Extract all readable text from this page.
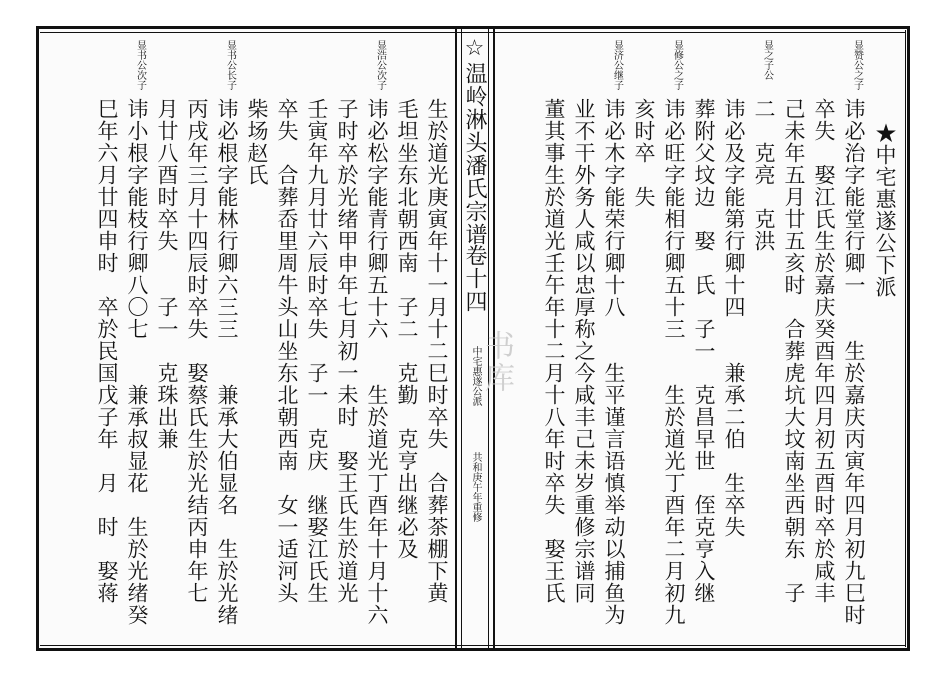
☆
温岭淋头潘氏宗谱
卷十四
中宅惠遂公派
共和庚午年重修
书库
★中宅惠遂公下派
显赞公之子
讳必治字能堂行卿一　　生於嘉庆丙寅年四月初九巳时
卒失　娶江氏生於嘉庆癸酉年四月初五酉时卒於咸丰
己未年五月廿五亥时　合葬虎坑大坟南坐西朝东　子
显之子公
二　克亮　克洪
讳必及字能第行卿十四　　兼承二伯　生卒失
葬附父坟边　娶　氏　子一　克昌早世　侄克亨入继
显修公之子
讳必旺字能相行卿五十三　　生於道光丁酉年二月初九
亥时卒　失
显济公继子
讳必木字能荣行卿十八　　生平谨言语慎举动以捕鱼为
业不干外务人咸以忠厚称之今咸丰己未岁重修宗谱同
董其事生於道光壬午年十二月十八年时卒失　娶王氏
生於道光庚寅年十一月十二巳时卒失　合葬茶棚下黄
毛坦坐东北朝西南　子二　克勤　克亨出继必及
显浩公次子
讳必松字能青行卿五十六　　生於道光丁酉年十月十六
子时卒於光绪甲申年七月初一未时　娶王氏生於道光
壬寅年九月廿六辰时卒失　子一　克庆　继娶江氏生
卒失　合葬岙里周牛头山坐东北朝西南　女一适河头
柴场赵氏
显书公长子
讳必根字能林行卿六三三　　兼承大伯显名　生於光绪
丙戌年三月十四辰时卒失　娶蔡氏生於光结丙申年七
月廿八酉时卒失　　子一　克珠出兼
显书公次子
讳小根字能枝行卿八〇七　　兼承叔显花　生於光绪癸
巳年六月廿四申时　卒於民国戊子年　月　时　娶蒋
